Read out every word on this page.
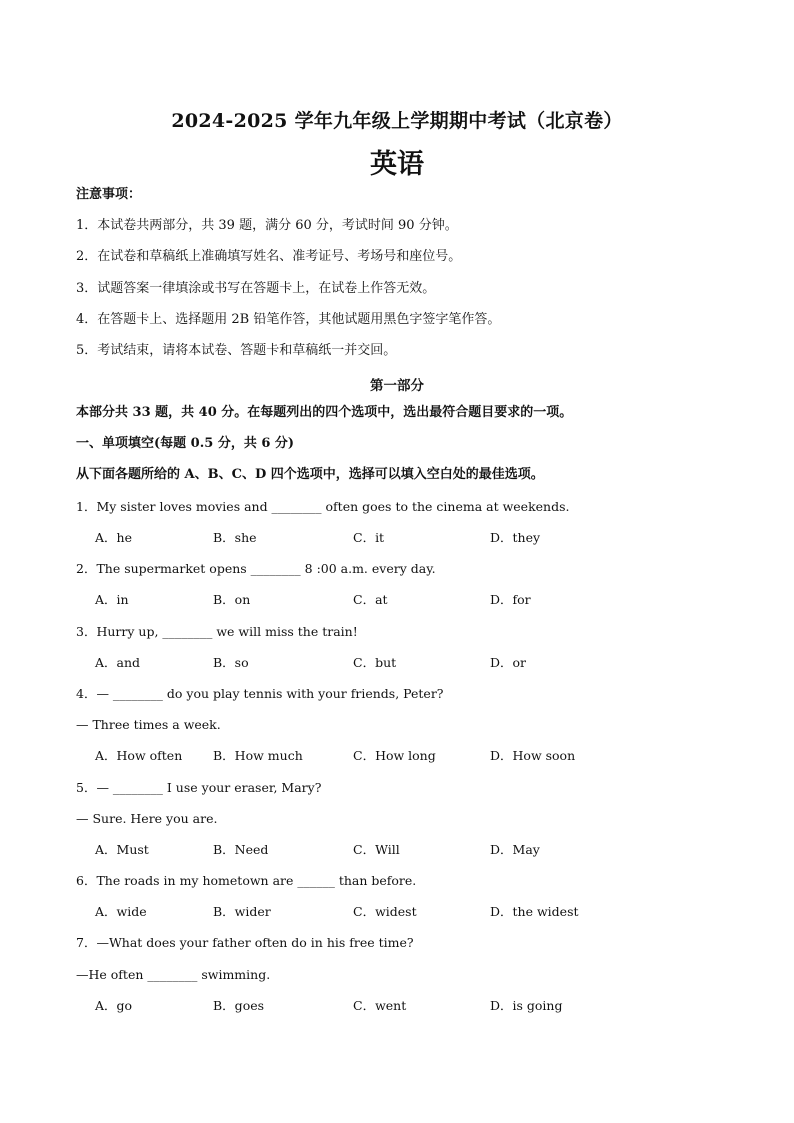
2024-2025 学年九年级上学期期中考试（北京卷）
英语
注意事项：
1．本试卷共两部分，共 39 题，满分 60 分，考试时间 90 分钟。
2．在试卷和草稿纸上准确填写姓名、准考证号、考场号和座位号。
3．试题答案一律填涂或书写在答题卡上，在试卷上作答无效。
4．在答题卡上、选择题用 2B 铅笔作答，其他试题用黑色字签字笔作答。
5．考试结束，请将本试卷、答题卡和草稿纸一并交回。
第一部分
本部分共 33 题，共 40 分。在每题列出的四个选项中，选出最符合题目要求的一项。
一、单项填空(每题 0.5 分，共 6 分)
从下面各题所给的 A、B、C、D 四个选项中，选择可以填入空白处的最佳选项。
1．My sister loves movies and ________ often goes to the cinema at weekends.
A．he	B．she	C．it	D．they
2．The supermarket opens ________ 8 :00 a.m. every day.
A．in	B．on	C．at	D．for
3．Hurry up, ________ we will miss the train!
A．and	B．so	C．but	D．or
4．— ________ do you play tennis with your friends, Peter?
— Three times a week.
A．How often B．How much	C．How long	D．How soon
5．— ________ I use your eraser, Mary?
— Sure. Here you are.
A．Must	B．Need	C．Will	D．May
6．The roads in my hometown are ______ than before.
A．wide	B．wider	C．widest	D．the widest
7．—What does your father often do in his free time?
—He often ________ swimming.
A．go	B．goes	C．went	D．is going
